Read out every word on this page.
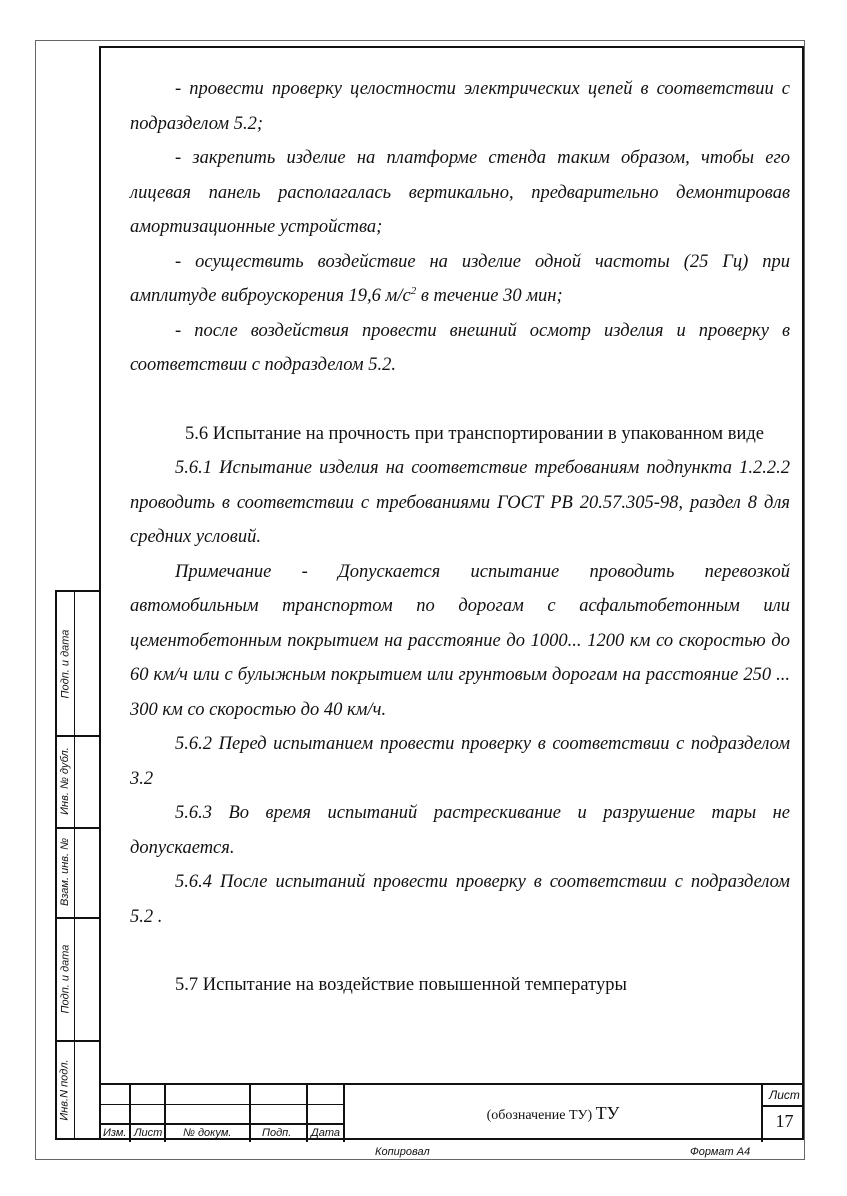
- провести проверку целостности электрических цепей в соответствии с подразделом 5.2;

- закрепить изделие на платформе стенда таким образом, чтобы его лицевая панель располагалась вертикально, предварительно демонтировав амортизационные устройства;

- осуществить воздействие на изделие одной частоты (25 Гц) при амплитуде виброускорения 19,6 $м/с^2$ в течение 30 мин;

- после воздействия провести внешний осмотр изделия и проверку в соответствии с подразделом 5.2.

5.6 Испытание на прочность при транспортировании в упакованном виде

5.6.1 Испытание изделия на соответствие требованиям подпункта 1.2.2.2 проводить в соответствии с требованиями ГОСТ РВ 20.57.305-98, раздел 8 для средних условий.

Примечание - Допускается испытание проводить перевозкой автомобильным транспортом по дорогам с асфальтобетонным или цементобетонным покрытием на расстояние до 1000... 1200 км со скоростью до 60 км/ч или с булыжным покрытием или грунтовым дорогам на расстояние 250 ... 300 км со скоростью до 40 км/ч.

5.6.2 Перед испытанием провести проверку в соответствии с подразделом 3.2

5.6.3 Во время испытаний растрескивание и разрушение тары не допускается.

5.6.4 После испытаний провести проверку в соответствии с подразделом 5.2 .

5.7 Испытание на воздействие повышенной температуры

Подп. и дата
Инв. № дубл.
Взам. инв. №
Подп. и дата
Инв.N подл.
Изм. Лист № докум.	Подп. Дата
(обозначение ТУ) ТУ
Лист
17
Копировал	Формат А4
